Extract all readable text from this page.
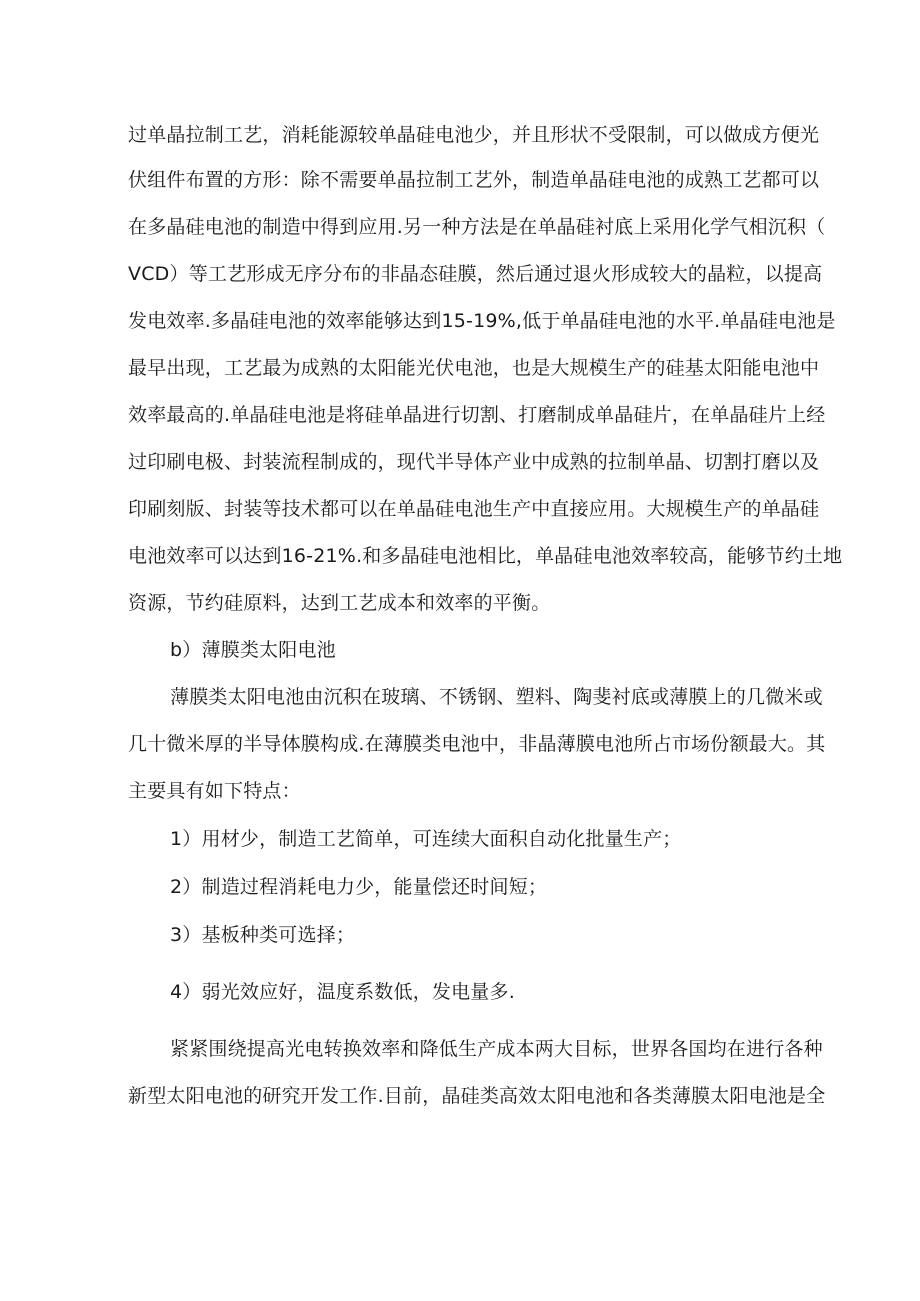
过单晶拉制工艺，消耗能源较单晶硅电池少，并且形状不受限制，可以做成方便光
伏组件布置的方形：除不需要单晶拉制工艺外，制造单晶硅电池的成熟工艺都可以
在多晶硅电池的制造中得到应用.另一种方法是在单晶硅衬底上采用化学气相沉积（
VCD）等工艺形成无序分布的非晶态硅膜，然后通过退火形成较大的晶粒，以提高
发电效率.多晶硅电池的效率能够达到15-19%,低于单晶硅电池的水平.单晶硅电池是
最早出现，工艺最为成熟的太阳能光伏电池，也是大规模生产的硅基太阳能电池中
效率最高的.单晶硅电池是将硅单晶进行切割、打磨制成单晶硅片，在单晶硅片上经
过印刷电极、封装流程制成的，现代半导体产业中成熟的拉制单晶、切割打磨以及
印刷刻版、封装等技术都可以在单晶硅电池生产中直接应用。大规模生产的单晶硅
电池效率可以达到16-21%.和多晶硅电池相比，单晶硅电池效率较高，能够节约土地
资源，节约硅原料，达到工艺成本和效率的平衡。
b）薄膜类太阳电池
薄膜类太阳电池由沉积在玻璃、不锈钢、塑料、陶斐衬底或薄膜上的几微米或
几十微米厚的半导体膜构成.在薄膜类电池中，非晶薄膜电池所占市场份额最大。其
主要具有如下特点：
1）用材少，制造工艺简单，可连续大面积自动化批量生产；
2）制造过程消耗电力少，能量偿还时间短；
3）基板种类可选择；
4）弱光效应好，温度系数低，发电量多.
紧紧围绕提高光电转换效率和降低生产成本两大目标，世界各国均在进行各种
新型太阳电池的研究开发工作.目前，晶硅类高效太阳电池和各类薄膜太阳电池是全
